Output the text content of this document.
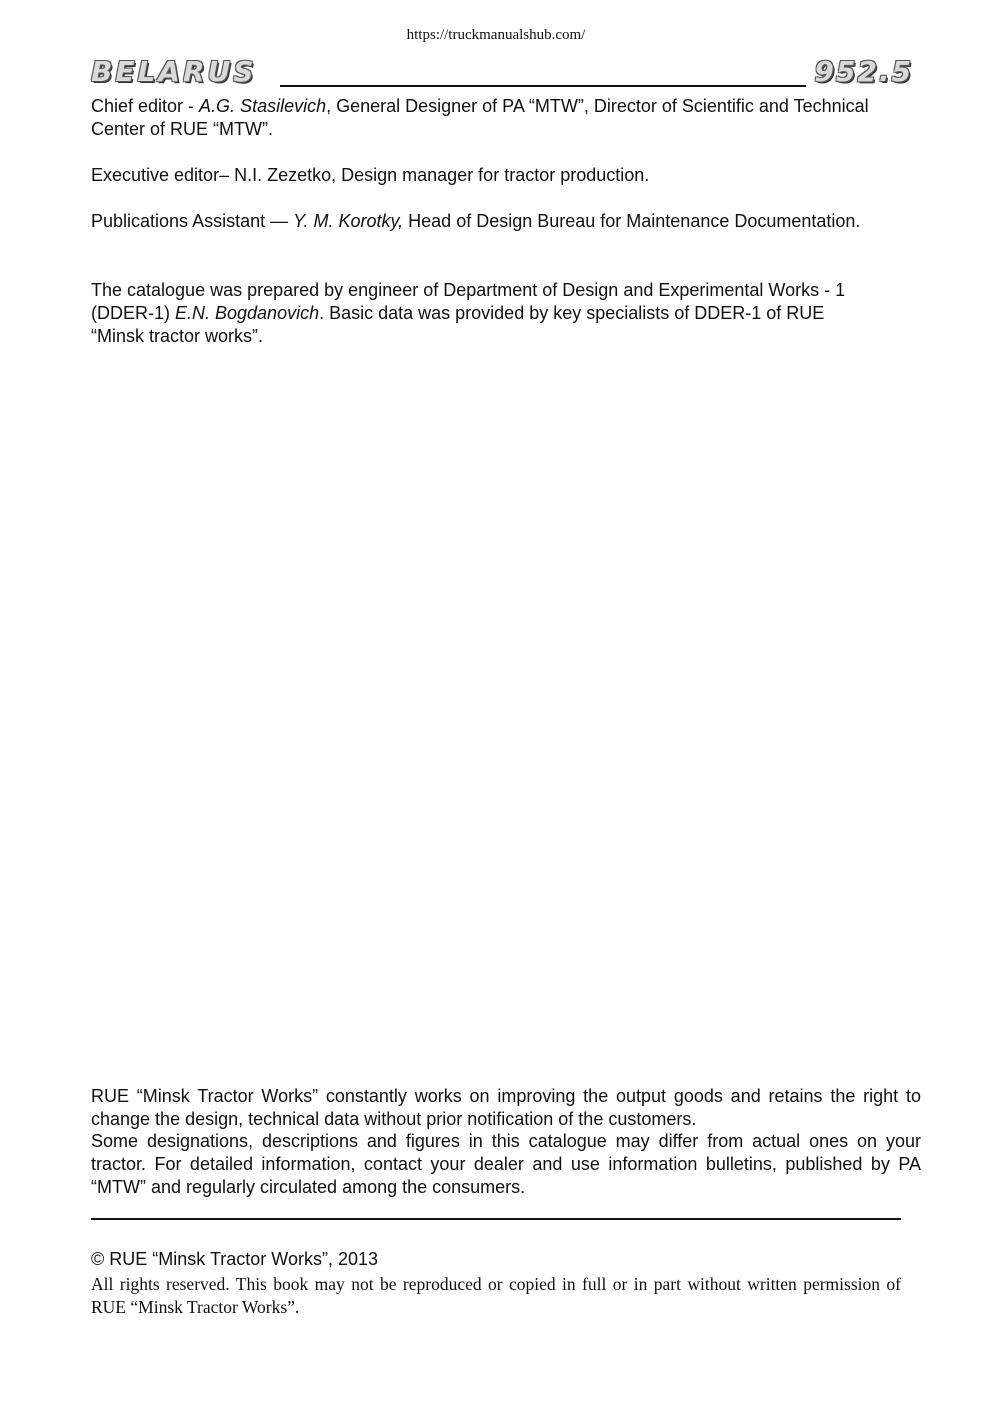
https://truckmanualshub.com/
BELARUS	952.5

Chief editor - A.G. Stasilevich, General Designer of PA “MTW”, Director of Scientific and Technical Center of RUE “MTW”.

Executive editor– N.I. Zezetko, Design manager for tractor production.

Publications Assistant — Y. M. Korotky, Head of Design Bureau for Maintenance Documentation.

The catalogue was prepared by engineer of Department of Design and Experimental Works - 1 (DDER-1) E.N. Bogdanovich. Basic data was provided by key specialists of DDER-1 of RUE “Minsk tractor works”.

RUE “Minsk Tractor Works” constantly works on improving the output goods and retains the right to change the design, technical data without prior notification of the customers.

Some designations, descriptions and figures in this catalogue may differ from actual ones on your tractor. For detailed information, contact your dealer and use information bulletins, published by PA “MTW” and regularly circulated among the consumers.

© RUE “Minsk Tractor Works”, 2013
All rights reserved. This book may not be reproduced or copied in full or in part without written permission of RUE “Minsk Tractor Works”.
